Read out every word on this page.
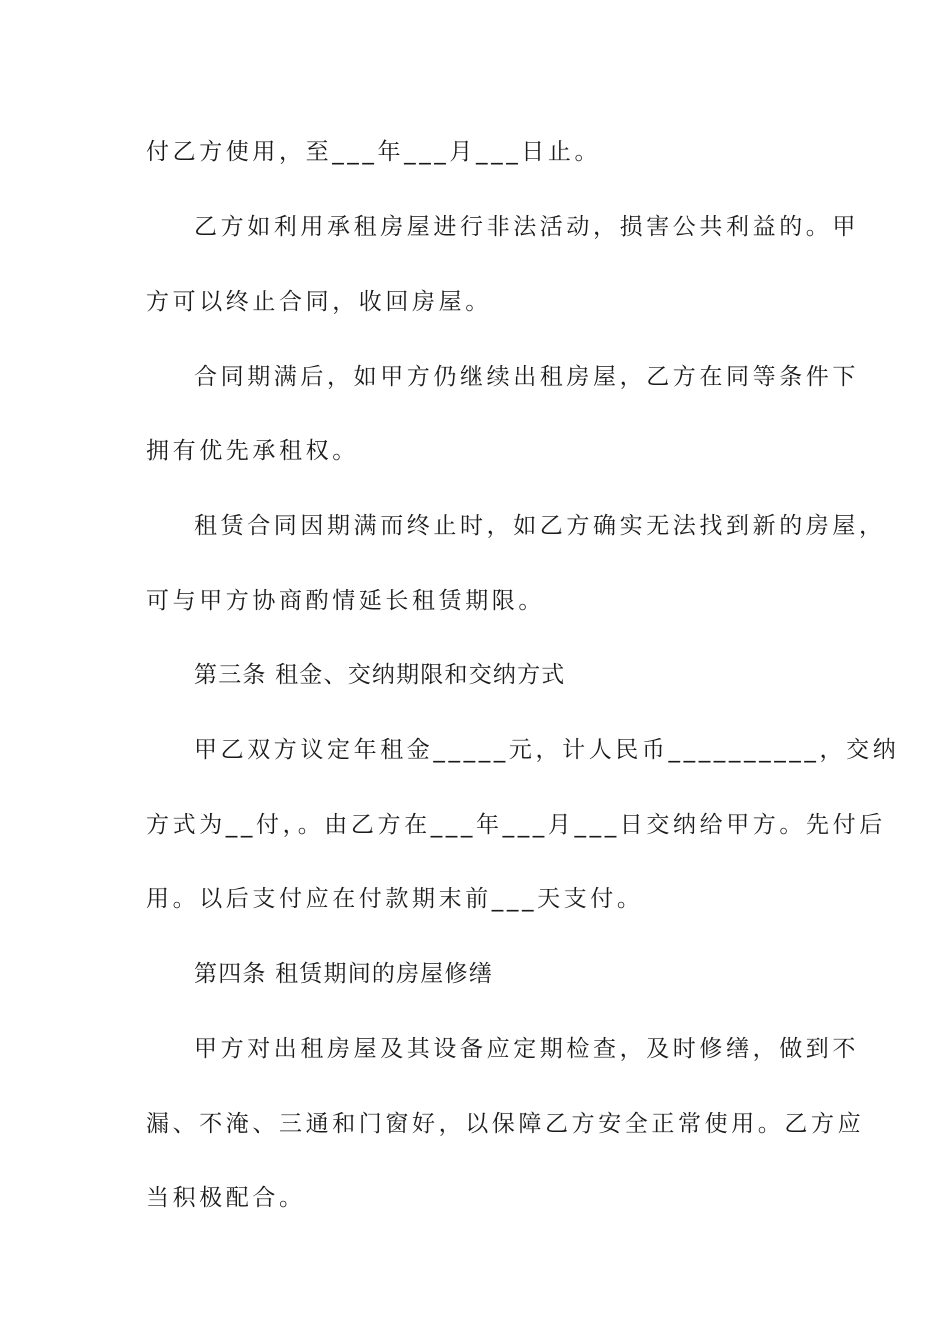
付乙方使用，至___年___月___日止。
乙方如利用承租房屋进行非法活动，损害公共利益的。甲
方可以终止合同，收回房屋。
合同期满后，如甲方仍继续出租房屋，乙方在同等条件下
拥有优先承租权。
租赁合同因期满而终止时，如乙方确实无法找到新的房屋，
可与甲方协商酌情延长租赁期限。
第三条 租金、交纳期限和交纳方式
甲乙双方议定年租金_____元，计人民币__________，交纳
方式为__付，。由乙方在___年___月___日交纳给甲方。先付后
用。以后支付应在付款期末前___天支付。
第四条 租赁期间的房屋修缮
甲方对出租房屋及其设备应定期检查，及时修缮，做到不
漏、不淹、三通和门窗好，以保障乙方安全正常使用。乙方应
当积极配合。
